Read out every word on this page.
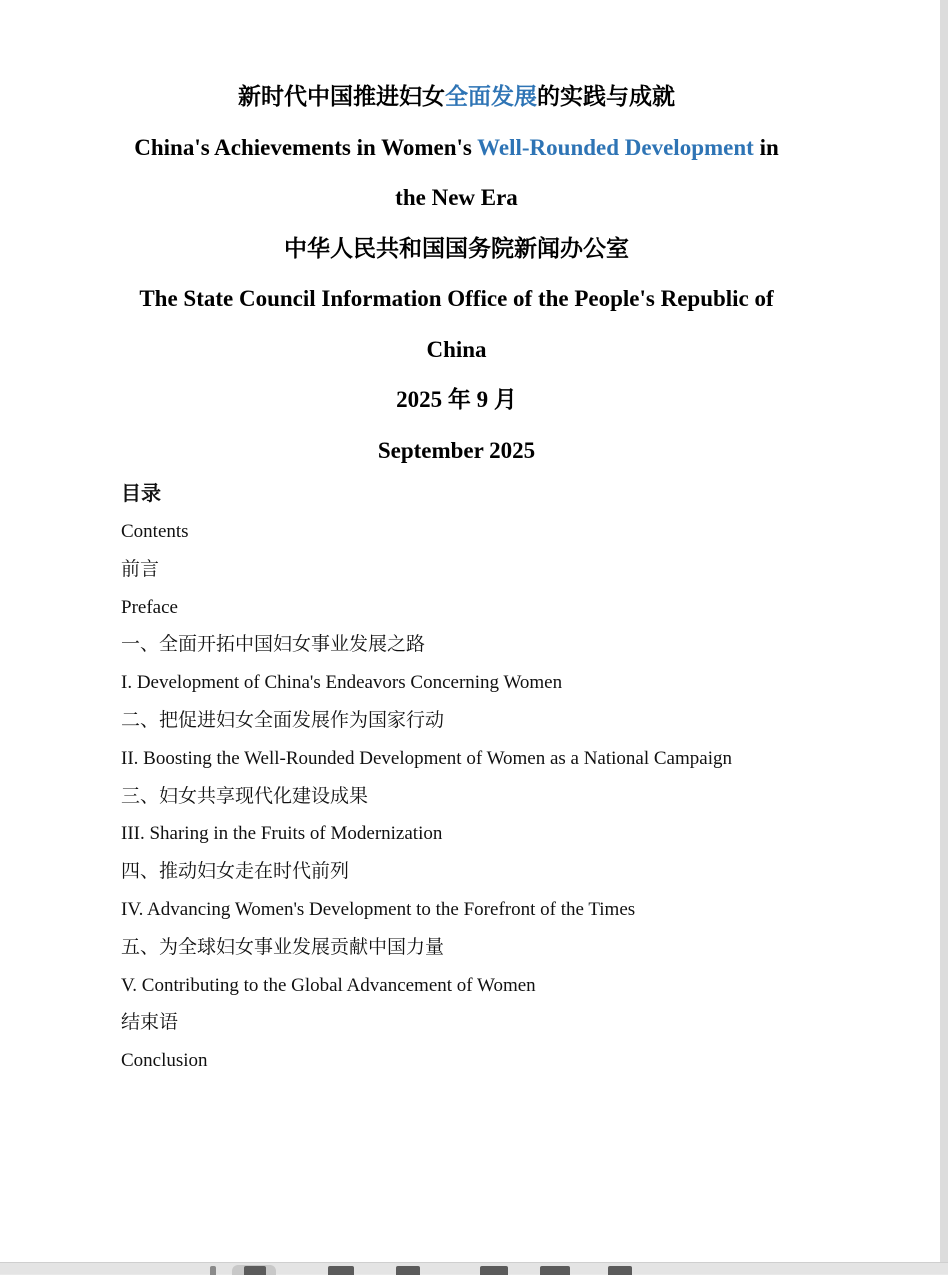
新时代中国推进妇女全面发展的实践与成就
China's Achievements in Women's Well-Rounded Development in
the New Era
中华人民共和国国务院新闻办公室
The State Council Information Office of the People's Republic of
China
2025 年 9 月
September 2025
目录
Contents
前言
Preface
一、全面开拓中国妇女事业发展之路
I. Development of China's Endeavors Concerning Women
二、把促进妇女全面发展作为国家行动
II. Boosting the Well-Rounded Development of Women as a National Campaign
三、妇女共享现代化建设成果
III. Sharing in the Fruits of Modernization
四、推动妇女走在时代前列
IV. Advancing Women's Development to the Forefront of the Times
五、为全球妇女事业发展贡献中国力量
V. Contributing to the Global Advancement of Women
结束语
Conclusion
